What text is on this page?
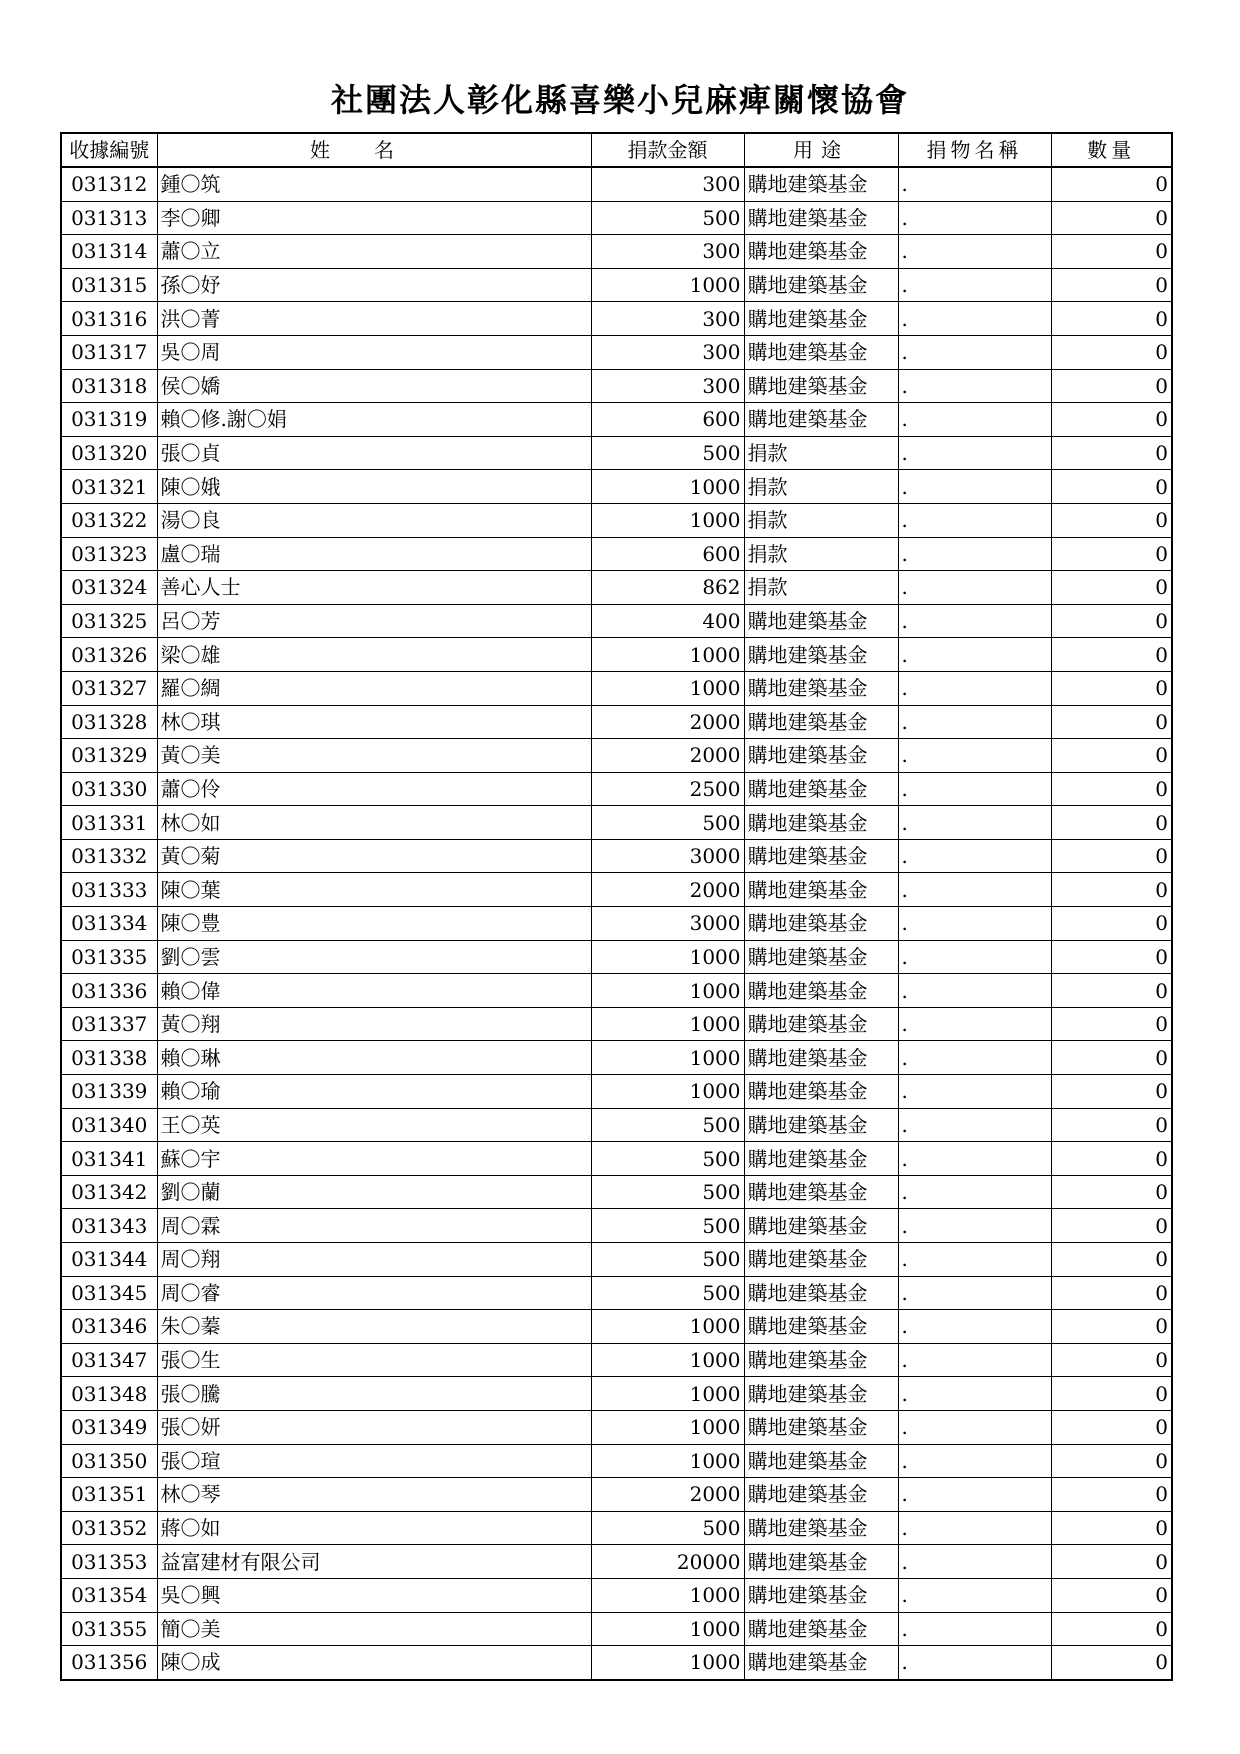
社團法人彰化縣喜樂小兒麻痺關懷協會
收據編號	姓名	捐款金額	用途	捐物名稱	數量
031312	鍾〇筑	300	購地建築基金	.	0
031313	李〇卿	500	購地建築基金	.	0
031314	蕭〇立	300	購地建築基金	.	0
031315	孫〇妤	1000	購地建築基金	.	0
031316	洪〇菁	300	購地建築基金	.	0
031317	吳〇周	300	購地建築基金	.	0
031318	侯〇嬌	300	購地建築基金	.	0
031319	賴〇修.謝〇娟	600	購地建築基金	.	0
031320	張〇貞	500	捐款	.	0
031321	陳〇娥	1000	捐款	.	0
031322	湯〇良	1000	捐款	.	0
031323	盧〇瑞	600	捐款	.	0
031324	善心人士	862	捐款	.	0
031325	呂〇芳	400	購地建築基金	.	0
031326	梁〇雄	1000	購地建築基金	.	0
031327	羅〇綢	1000	購地建築基金	.	0
031328	林〇琪	2000	購地建築基金	.	0
031329	黃〇美	2000	購地建築基金	.	0
031330	蕭〇伶	2500	購地建築基金	.	0
031331	林〇如	500	購地建築基金	.	0
031332	黃〇菊	3000	購地建築基金	.	0
031333	陳〇葉	2000	購地建築基金	.	0
031334	陳〇豊	3000	購地建築基金	.	0
031335	劉〇雲	1000	購地建築基金	.	0
031336	賴〇偉	1000	購地建築基金	.	0
031337	黃〇翔	1000	購地建築基金	.	0
031338	賴〇琳	1000	購地建築基金	.	0
031339	賴〇瑜	1000	購地建築基金	.	0
031340	王〇英	500	購地建築基金	.	0
031341	蘇〇宇	500	購地建築基金	.	0
031342	劉〇蘭	500	購地建築基金	.	0
031343	周〇霖	500	購地建築基金	.	0
031344	周〇翔	500	購地建築基金	.	0
031345	周〇睿	500	購地建築基金	.	0
031346	朱〇蓁	1000	購地建築基金	.	0
031347	張〇生	1000	購地建築基金	.	0
031348	張〇騰	1000	購地建築基金	.	0
031349	張〇妍	1000	購地建築基金	.	0
031350	張〇瑄	1000	購地建築基金	.	0
031351	林〇琴	2000	購地建築基金	.	0
031352	蔣〇如	500	購地建築基金	.	0
031353	益富建材有限公司	20000	購地建築基金	.	0
031354	吳〇興	1000	購地建築基金	.	0
031355	簡〇美	1000	購地建築基金	.	0
031356	陳〇成	1000	購地建築基金	.	0
